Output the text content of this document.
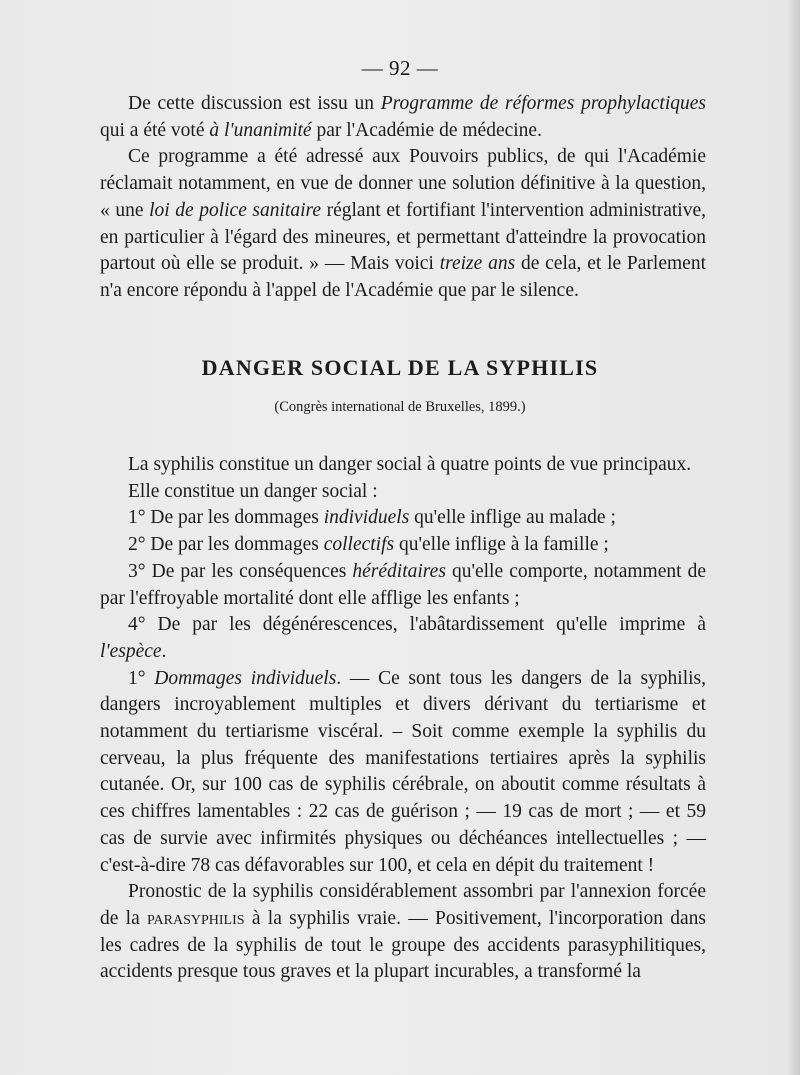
— 92 —

De cette discussion est issu un Programme de réformes prophylactiques qui a été voté à l'unanimité par l'Académie de médecine.

Ce programme a été adressé aux Pouvoirs publics, de qui l'Académie réclamait notamment, en vue de donner une solution définitive à la question, « une loi de police sanitaire réglant et fortifiant l'intervention administrative, en particulier à l'égard des mineures, et permettant d'atteindre la provocation partout où elle se produit. » — Mais voici treize ans de cela, et le Parlement n'a encore répondu à l'appel de l'Académie que par le silence.

DANGER SOCIAL DE LA SYPHILIS
(Congrès international de Bruxelles, 1899.)

La syphilis constitue un danger social à quatre points de vue principaux.

Elle constitue un danger social :

1° De par les dommages individuels qu'elle inflige au malade ;

2° De par les dommages collectifs qu'elle inflige à la famille ;

3° De par les conséquences héréditaires qu'elle comporte, notamment de par l'effroyable mortalité dont elle afflige les enfants ;

4° De par les dégénérescences, l'abâtardissement qu'elle imprime à l'espèce.

1° Dommages individuels. — Ce sont tous les dangers de la syphilis, dangers incroyablement multiples et divers dérivant du tertiarisme et notamment du tertiarisme viscéral. – Soit comme exemple la syphilis du cerveau, la plus fréquente des manifestations tertiaires après la syphilis cutanée. Or, sur 100 cas de syphilis cérébrale, on aboutit comme résultats à ces chiffres lamentables : 22 cas de guérison ; — 19 cas de mort ; — et 59 cas de survie avec infirmités physiques ou déchéances intellectuelles ; — c'est-à-dire 78 cas défavorables sur 100, et cela en dépit du traitement !

Pronostic de la syphilis considérablement assombri par l'annexion forcée de la parasyphilis à la syphilis vraie. — Positivement, l'incorporation dans les cadres de la syphilis de tout le groupe des accidents parasyphilitiques, accidents presque tous graves et la plupart incurables, a transformé la
